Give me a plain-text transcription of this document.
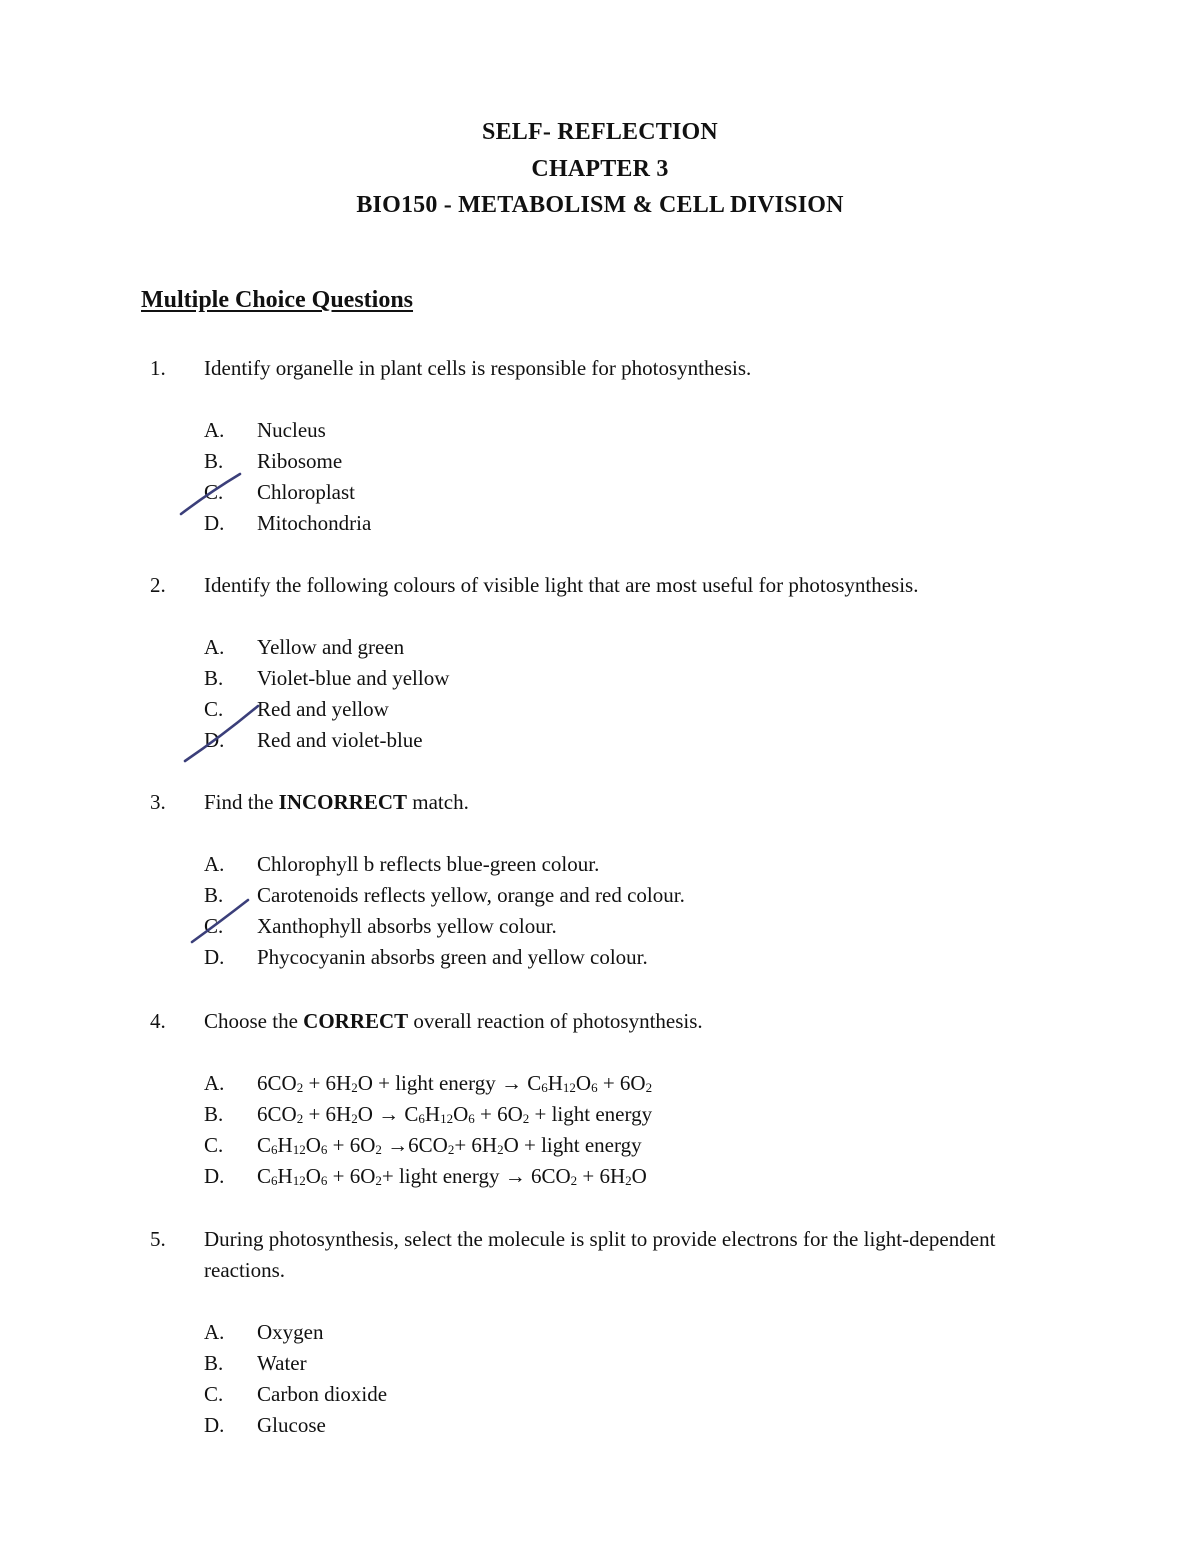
SELF- REFLECTION
CHAPTER 3
BIO150 - METABOLISM & CELL DIVISION
Multiple Choice Questions
1. Identify organelle in plant cells is responsible for photosynthesis.
A. Nucleus
B. Ribosome
C. Chloroplast
D. Mitochondria
2. Identify the following colours of visible light that are most useful for photosynthesis.
A. Yellow and green
B. Violet-blue and yellow
C. Red and yellow
D. Red and violet-blue
3. Find the INCORRECT match.
A. Chlorophyll b reflects blue-green colour.
B. Carotenoids reflects yellow, orange and red colour.
C. Xanthophyll absorbs yellow colour.
D. Phycocyanin absorbs green and yellow colour.
4. Choose the CORRECT overall reaction of photosynthesis.
A. $6CO_2 + 6H_2O$ + light energy → $C_6H_{12}O_6 + 6O_2$
B. $6CO_2 + 6H_2O \to C_6H_{12}O_6 + 6O_2$ + light energy
C. $C_6H_{12}O_6 + 6O_2 \to 6CO_2+ 6H_2O$ + light energy
D. $C_6H_{12}O_6 + 6O_2+$ light energy → $6CO_2 + 6H_2O$
5. During photosynthesis, select the molecule is split to provide electrons for the light-dependent reactions.
A. Oxygen
B. Water
C. Carbon dioxide
D. Glucose
